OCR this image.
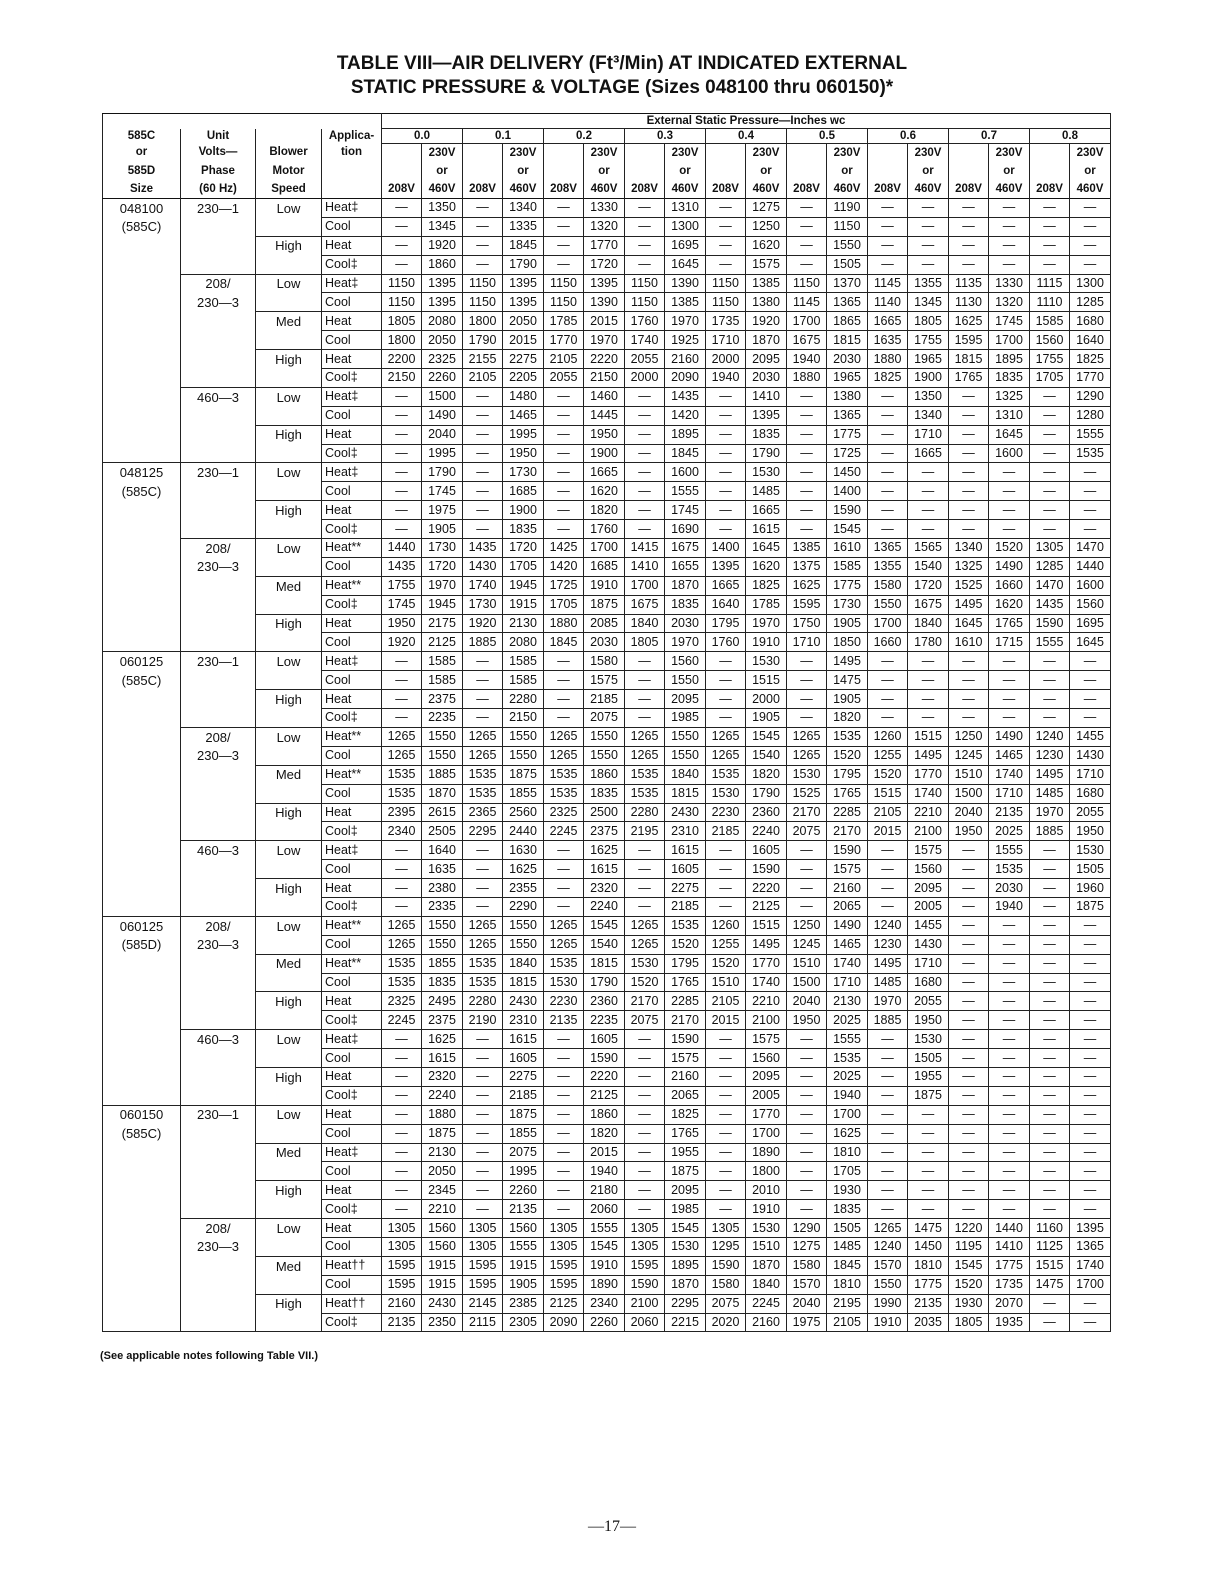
TABLE VIII—AIR DELIVERY (Ft³/Min) AT INDICATED EXTERNAL
STATIC PRESSURE & VOLTAGE (Sizes 048100 thru 060150)*
				External Static Pressure—Inches wc																	
585C	Unit		Applica-	0.0		0.1		0.2		0.3		0.4		0.5		0.6		0.7		0.8	
or	Volts—	Blower	tion		230V		230V		230V		230V		230V		230V		230V		230V		230V
585D	Phase	Motor			or		or		or		or		or		or		or		or		or
Size	(60 Hz)	Speed		208V	460V	208V	460V	208V	460V	208V	460V	208V	460V	208V	460V	208V	460V	208V	460V	208V	460V
048100	230—1	Low	Heat‡	—	1350	—	1340	—	1330	—	1310	—	1275	—	1190	—	—	—	—	—	—
(585C)			Cool	—	1345	—	1335	—	1320	—	1300	—	1250	—	1150	—	—	—	—	—	—
		High	Heat	—	1920	—	1845	—	1770	—	1695	—	1620	—	1550	—	—	—	—	—	—
			Cool‡	—	1860	—	1790	—	1720	—	1645	—	1575	—	1505	—	—	—	—	—	—
	208/	Low	Heat‡	1150	1395	1150	1395	1150	1395	1150	1390	1150	1385	1150	1370	1145	1355	1135	1330	1115	1300
	230—3		Cool	1150	1395	1150	1395	1150	1390	1150	1385	1150	1380	1145	1365	1140	1345	1130	1320	1110	1285
		Med	Heat	1805	2080	1800	2050	1785	2015	1760	1970	1735	1920	1700	1865	1665	1805	1625	1745	1585	1680
			Cool	1800	2050	1790	2015	1770	1970	1740	1925	1710	1870	1675	1815	1635	1755	1595	1700	1560	1640
		High	Heat	2200	2325	2155	2275	2105	2220	2055	2160	2000	2095	1940	2030	1880	1965	1815	1895	1755	1825
			Cool‡	2150	2260	2105	2205	2055	2150	2000	2090	1940	2030	1880	1965	1825	1900	1765	1835	1705	1770
	460—3	Low	Heat‡	—	1500	—	1480	—	1460	—	1435	—	1410	—	1380	—	1350	—	1325	—	1290
			Cool	—	1490	—	1465	—	1445	—	1420	—	1395	—	1365	—	1340	—	1310	—	1280
		High	Heat	—	2040	—	1995	—	1950	—	1895	—	1835	—	1775	—	1710	—	1645	—	1555
			Cool‡	—	1995	—	1950	—	1900	—	1845	—	1790	—	1725	—	1665	—	1600	—	1535
048125	230—1	Low	Heat‡	—	1790	—	1730	—	1665	—	1600	—	1530	—	1450	—	—	—	—	—	—
(585C)			Cool	—	1745	—	1685	—	1620	—	1555	—	1485	—	1400	—	—	—	—	—	—
		High	Heat	—	1975	—	1900	—	1820	—	1745	—	1665	—	1590	—	—	—	—	—	—
			Cool‡	—	1905	—	1835	—	1760	—	1690	—	1615	—	1545	—	—	—	—	—	—
	208/	Low	Heat**	1440	1730	1435	1720	1425	1700	1415	1675	1400	1645	1385	1610	1365	1565	1340	1520	1305	1470
	230—3		Cool	1435	1720	1430	1705	1420	1685	1410	1655	1395	1620	1375	1585	1355	1540	1325	1490	1285	1440
		Med	Heat**	1755	1970	1740	1945	1725	1910	1700	1870	1665	1825	1625	1775	1580	1720	1525	1660	1470	1600
			Cool‡	1745	1945	1730	1915	1705	1875	1675	1835	1640	1785	1595	1730	1550	1675	1495	1620	1435	1560
		High	Heat	1950	2175	1920	2130	1880	2085	1840	2030	1795	1970	1750	1905	1700	1840	1645	1765	1590	1695
			Cool	1920	2125	1885	2080	1845	2030	1805	1970	1760	1910	1710	1850	1660	1780	1610	1715	1555	1645
060125	230—1	Low	Heat‡	—	1585	—	1585	—	1580	—	1560	—	1530	—	1495	—	—	—	—	—	—
(585C)			Cool	—	1585	—	1585	—	1575	—	1550	—	1515	—	1475	—	—	—	—	—	—
		High	Heat	—	2375	—	2280	—	2185	—	2095	—	2000	—	1905	—	—	—	—	—	—
			Cool‡	—	2235	—	2150	—	2075	—	1985	—	1905	—	1820	—	—	—	—	—	—
	208/	Low	Heat**	1265	1550	1265	1550	1265	1550	1265	1550	1265	1545	1265	1535	1260	1515	1250	1490	1240	1455
	230—3		Cool	1265	1550	1265	1550	1265	1550	1265	1550	1265	1540	1265	1520	1255	1495	1245	1465	1230	1430
		Med	Heat**	1535	1885	1535	1875	1535	1860	1535	1840	1535	1820	1530	1795	1520	1770	1510	1740	1495	1710
			Cool	1535	1870	1535	1855	1535	1835	1535	1815	1530	1790	1525	1765	1515	1740	1500	1710	1485	1680
		High	Heat	2395	2615	2365	2560	2325	2500	2280	2430	2230	2360	2170	2285	2105	2210	2040	2135	1970	2055
			Cool‡	2340	2505	2295	2440	2245	2375	2195	2310	2185	2240	2075	2170	2015	2100	1950	2025	1885	1950
	460—3	Low	Heat‡	—	1640	—	1630	—	1625	—	1615	—	1605	—	1590	—	1575	—	1555	—	1530
			Cool	—	1635	—	1625	—	1615	—	1605	—	1590	—	1575	—	1560	—	1535	—	1505
		High	Heat	—	2380	—	2355	—	2320	—	2275	—	2220	—	2160	—	2095	—	2030	—	1960
			Cool‡	—	2335	—	2290	—	2240	—	2185	—	2125	—	2065	—	2005	—	1940	—	1875
060125	208/	Low	Heat**	1265	1550	1265	1550	1265	1545	1265	1535	1260	1515	1250	1490	1240	1455	—	—	—	—
(585D)	230—3		Cool	1265	1550	1265	1550	1265	1540	1265	1520	1255	1495	1245	1465	1230	1430	—	—	—	—
		Med	Heat**	1535	1855	1535	1840	1535	1815	1530	1795	1520	1770	1510	1740	1495	1710	—	—	—	—
			Cool	1535	1835	1535	1815	1530	1790	1520	1765	1510	1740	1500	1710	1485	1680	—	—	—	—
		High	Heat	2325	2495	2280	2430	2230	2360	2170	2285	2105	2210	2040	2130	1970	2055	—	—	—	—
			Cool‡	2245	2375	2190	2310	2135	2235	2075	2170	2015	2100	1950	2025	1885	1950	—	—	—	—
	460—3	Low	Heat‡	—	1625	—	1615	—	1605	—	1590	—	1575	—	1555	—	1530	—	—	—	—
			Cool	—	1615	—	1605	—	1590	—	1575	—	1560	—	1535	—	1505	—	—	—	—
		High	Heat	—	2320	—	2275	—	2220	—	2160	—	2095	—	2025	—	1955	—	—	—	—
			Cool‡	—	2240	—	2185	—	2125	—	2065	—	2005	—	1940	—	1875	—	—	—	—
060150	230—1	Low	Heat	—	1880	—	1875	—	1860	—	1825	—	1770	—	1700	—	—	—	—	—	—
(585C)			Cool	—	1875	—	1855	—	1820	—	1765	—	1700	—	1625	—	—	—	—	—	—
		Med	Heat‡	—	2130	—	2075	—	2015	—	1955	—	1890	—	1810	—	—	—	—	—	—
			Cool	—	2050	—	1995	—	1940	—	1875	—	1800	—	1705	—	—	—	—	—	—
		High	Heat	—	2345	—	2260	—	2180	—	2095	—	2010	—	1930	—	—	—	—	—	—
			Cool‡	—	2210	—	2135	—	2060	—	1985	—	1910	—	1835	—	—	—	—	—	—
	208/	Low	Heat	1305	1560	1305	1560	1305	1555	1305	1545	1305	1530	1290	1505	1265	1475	1220	1440	1160	1395
	230—3		Cool	1305	1560	1305	1555	1305	1545	1305	1530	1295	1510	1275	1485	1240	1450	1195	1410	1125	1365
		Med	Heat††	1595	1915	1595	1915	1595	1910	1595	1895	1590	1870	1580	1845	1570	1810	1545	1775	1515	1740
			Cool	1595	1915	1595	1905	1595	1890	1590	1870	1580	1840	1570	1810	1550	1775	1520	1735	1475	1700
		High	Heat††	2160	2430	2145	2385	2125	2340	2100	2295	2075	2245	2040	2195	1990	2135	1930	2070	—	—
			Cool‡	2135	2350	2115	2305	2090	2260	2060	2215	2020	2160	1975	2105	1910	2035	1805	1935	—	—
(See applicable notes following Table VII.)
—17—
